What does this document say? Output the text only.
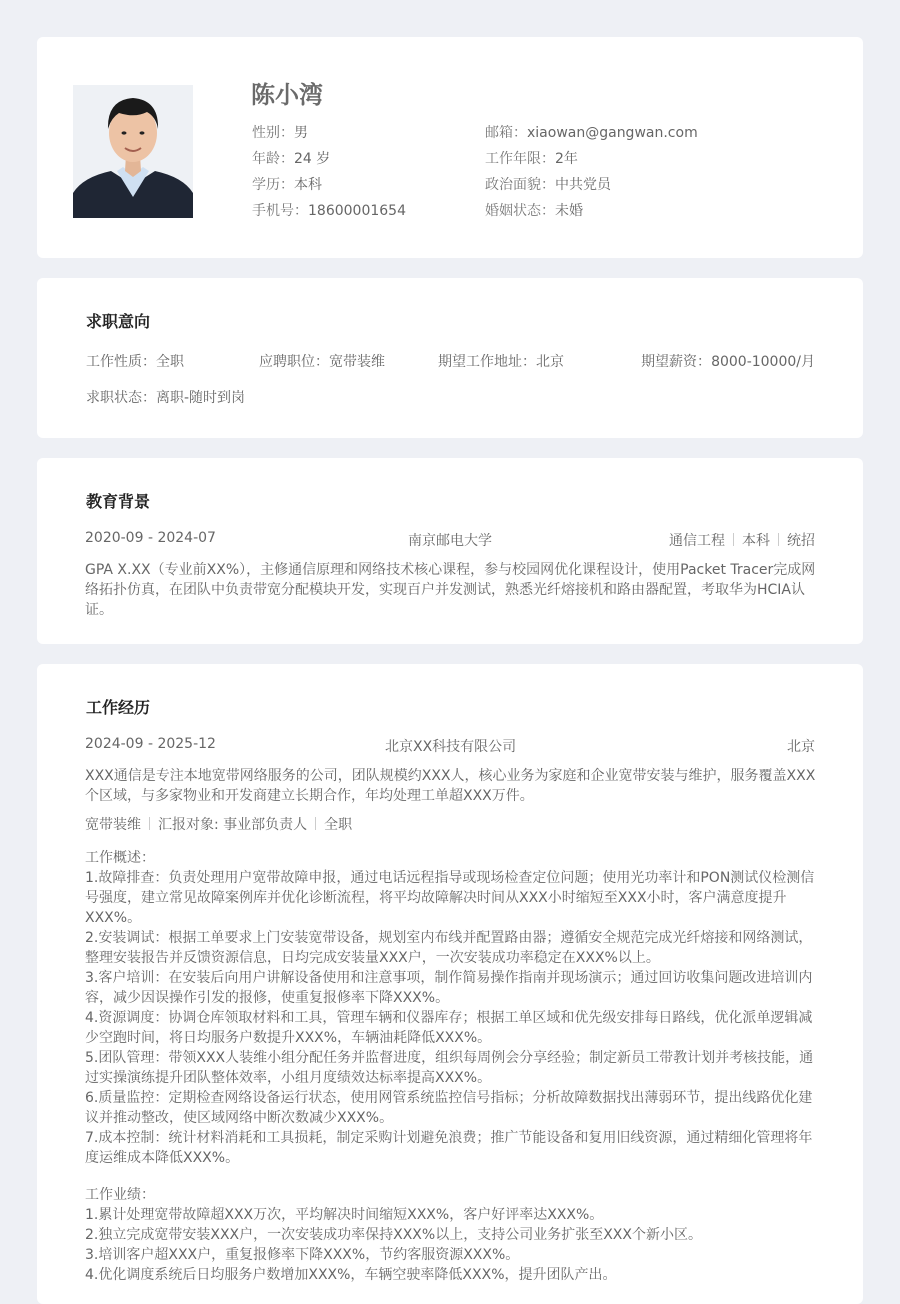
陈小湾
性别：男
年龄：24 岁
学历：本科
手机号：18600001654
邮箱：xiaowan@gangwan.com
工作年限：2年
政治面貌：中共党员
婚姻状态：未婚
求职意向
工作性质：全职	应聘职位：宽带装维	期望工作地址：北京	期望薪资：8000-10000/月
求职状态：离职-随时到岗
教育背景
2020-09 - 2024-07	南京邮电大学	通信工程 本科 统招
GPA X.XX（专业前XX%），主修通信原理和网络技术核心课程，参与校园网优化课程设计，使用Packet Tracer完成网络拓扑仿真，在团队中负责带宽分配模块开发，实现百户并发测试，熟悉光纤熔接机和路由器配置，考取华为HCIA认证。
工作经历
2024-09 - 2025-12	北京XX科技有限公司	北京
XXX通信是专注本地宽带网络服务的公司，团队规模约XXX人，核心业务为家庭和企业宽带安装与维护，服务覆盖XXX个区域，与多家物业和开发商建立长期合作，年均处理工单超XXX万件。
宽带装维 汇报对象: 事业部负责人 全职
工作概述：
1.故障排查：负责处理用户宽带故障申报，通过电话远程指导或现场检查定位问题；使用光功率计和PON测试仪检测信号强度，建立常见故障案例库并优化诊断流程，将平均故障解决时间从XXX小时缩短至XXX小时，客户满意度提升XXX%。
2.安装调试：根据工单要求上门安装宽带设备，规划室内布线并配置路由器；遵循安全规范完成光纤熔接和网络测试，整理安装报告并反馈资源信息，日均完成安装量XXX户，一次安装成功率稳定在XXX%以上。
3.客户培训：在安装后向用户讲解设备使用和注意事项，制作简易操作指南并现场演示；通过回访收集问题改进培训内容，减少因误操作引发的报修，使重复报修率下降XXX%。
4.资源调度：协调仓库领取材料和工具，管理车辆和仪器库存；根据工单区域和优先级安排每日路线，优化派单逻辑减少空跑时间，将日均服务户数提升XXX%，车辆油耗降低XXX%。
5.团队管理：带领XXX人装维小组分配任务并监督进度，组织每周例会分享经验；制定新员工带教计划并考核技能，通过实操演练提升团队整体效率，小组月度绩效达标率提高XXX%。
6.质量监控：定期检查网络设备运行状态，使用网管系统监控信号指标；分析故障数据找出薄弱环节，提出线路优化建议并推动整改，使区域网络中断次数减少XXX%。
7.成本控制：统计材料消耗和工具损耗，制定采购计划避免浪费；推广节能设备和复用旧线资源，通过精细化管理将年度运维成本降低XXX%。
工作业绩：
1.累计处理宽带故障超XXX万次，平均解决时间缩短XXX%，客户好评率达XXX%。
2.独立完成宽带安装XXX户，一次安装成功率保持XXX%以上，支持公司业务扩张至XXX个新小区。
3.培训客户超XXX户，重复报修率下降XXX%，节约客服资源XXX%。
4.优化调度系统后日均服务户数增加XXX%，车辆空驶率降低XXX%，提升团队产出。
